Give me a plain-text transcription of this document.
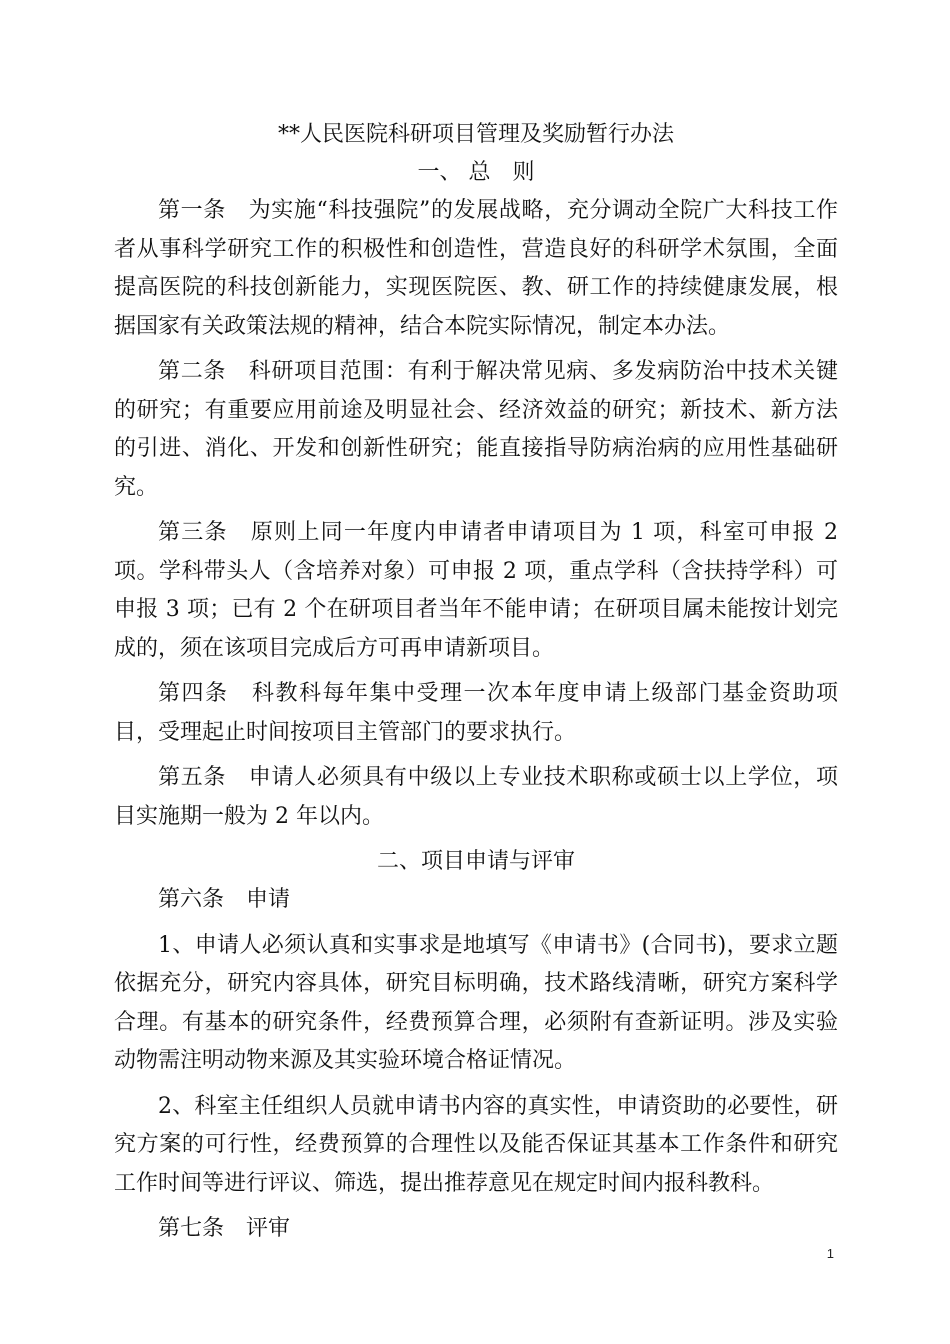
**人民医院科研项目管理及奖励暂行办法
一、 总　则

第一条　为实施“科技强院”的发展战略，充分调动全院广大科技工作者从事科学研究工作的积极性和创造性，营造良好的科研学术氛围，全面提高医院的科技创新能力，实现医院医、教、研工作的持续健康发展，根据国家有关政策法规的精神，结合本院实际情况，制定本办法。

第二条　科研项目范围：有利于解决常见病、多发病防治中技术关键的研究；有重要应用前途及明显社会、经济效益的研究；新技术、新方法的引进、消化、开发和创新性研究；能直接指导防病治病的应用性基础研究。

第三条　原则上同一年度内申请者申请项目为 1 项，科室可申报 2 项。学科带头人（含培养对象）可申报 2 项，重点学科（含扶持学科）可申报 3 项；已有 2 个在研项目者当年不能申请；在研项目属未能按计划完成的，须在该项目完成后方可再申请新项目。

第四条　科教科每年集中受理一次本年度申请上级部门基金资助项目，受理起止时间按项目主管部门的要求执行。

第五条　申请人必须具有中级以上专业技术职称或硕士以上学位，项目实施期一般为 2 年以内。

二、项目申请与评审

第六条　申请

1、申请人必须认真和实事求是地填写《申请书》(合同书)，要求立题依据充分，研究内容具体，研究目标明确，技术路线清晰，研究方案科学合理。有基本的研究条件，经费预算合理，必须附有查新证明。涉及实验动物需注明动物来源及其实验环境合格证情况。

2、科室主任组织人员就申请书内容的真实性，申请资助的必要性，研究方案的可行性，经费预算的合理性以及能否保证其基本工作条件和研究工作时间等进行评议、筛选，提出推荐意见在规定时间内报科教科。

第七条　评审

1
